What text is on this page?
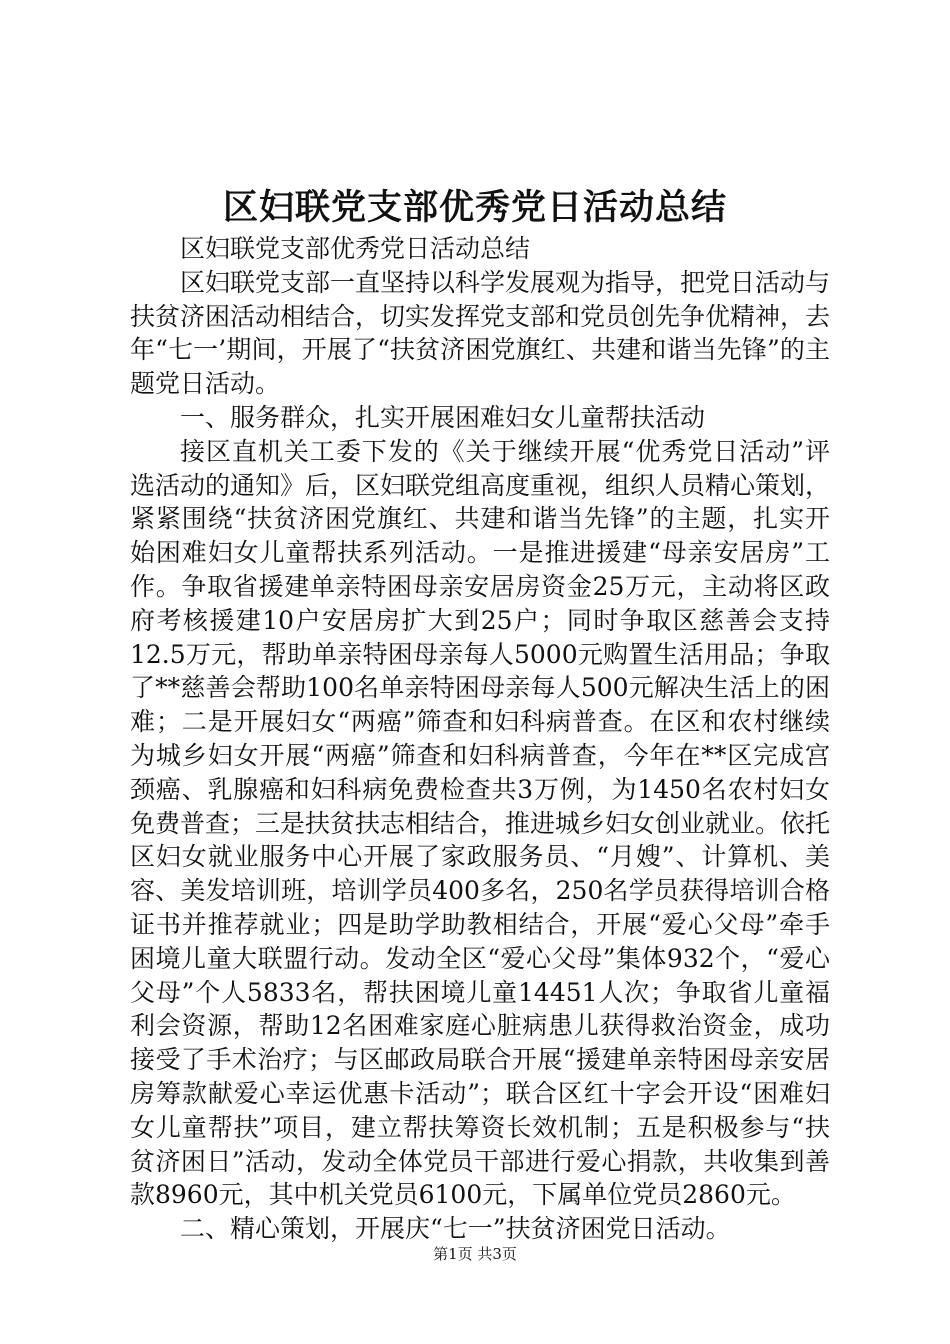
区妇联党支部优秀党日活动总结

区妇联党支部优秀党日活动总结

区妇联党支部一直坚持以科学发展观为指导，把党日活动与扶贫济困活动相结合，切实发挥党支部和党员创先争优精神，去年“七一’期间，开展了“扶贫济困党旗红、共建和谐当先锋”的主题党日活动。

一、服务群众，扎实开展困难妇女儿童帮扶活动

接区直机关工委下发的《关于继续开展“优秀党日活动”评选活动的通知》后，区妇联党组高度重视，组织人员精心策划，紧紧围绕“扶贫济困党旗红、共建和谐当先锋”的主题，扎实开始困难妇女儿童帮扶系列活动。一是推进援建“母亲安居房”工作。争取省援建单亲特困母亲安居房资金25万元，主动将区政府考核援建10户安居房扩大到25户；同时争取区慈善会支持12.5万元，帮助单亲特困母亲每人5000元购置生活用品；争取了**慈善会帮助100名单亲特困母亲每人500元解决生活上的困难；二是开展妇女“两癌”筛查和妇科病普查。在区和农村继续为城乡妇女开展“两癌”筛查和妇科病普查，今年在**区完成宫颈癌、乳腺癌和妇科病免费检查共3万例，为1450名农村妇女免费普查；三是扶贫扶志相结合，推进城乡妇女创业就业。依托区妇女就业服务中心开展了家政服务员、“月嫂”、计算机、美容、美发培训班，培训学员400多名，250名学员获得培训合格证书并推荐就业；四是助学助教相结合，开展“爱心父母”牵手困境儿童大联盟行动。发动全区“爱心父母”集体932个，“爱心父母”个人5833名，帮扶困境儿童14451人次；争取省儿童福利会资源，帮助12名困难家庭心脏病患儿获得救治资金，成功接受了手术治疗；与区邮政局联合开展“援建单亲特困母亲安居房筹款献爱心幸运优惠卡活动”；联合区红十字会开设“困难妇女儿童帮扶”项目，建立帮扶筹资长效机制；五是积极参与“扶贫济困日”活动，发动全体党员干部进行爱心捐款，共收集到善款8960元，其中机关党员6100元，下属单位党员2860元。

二、精心策划，开展庆“七一”扶贫济困党日活动。

第1页 共3页
